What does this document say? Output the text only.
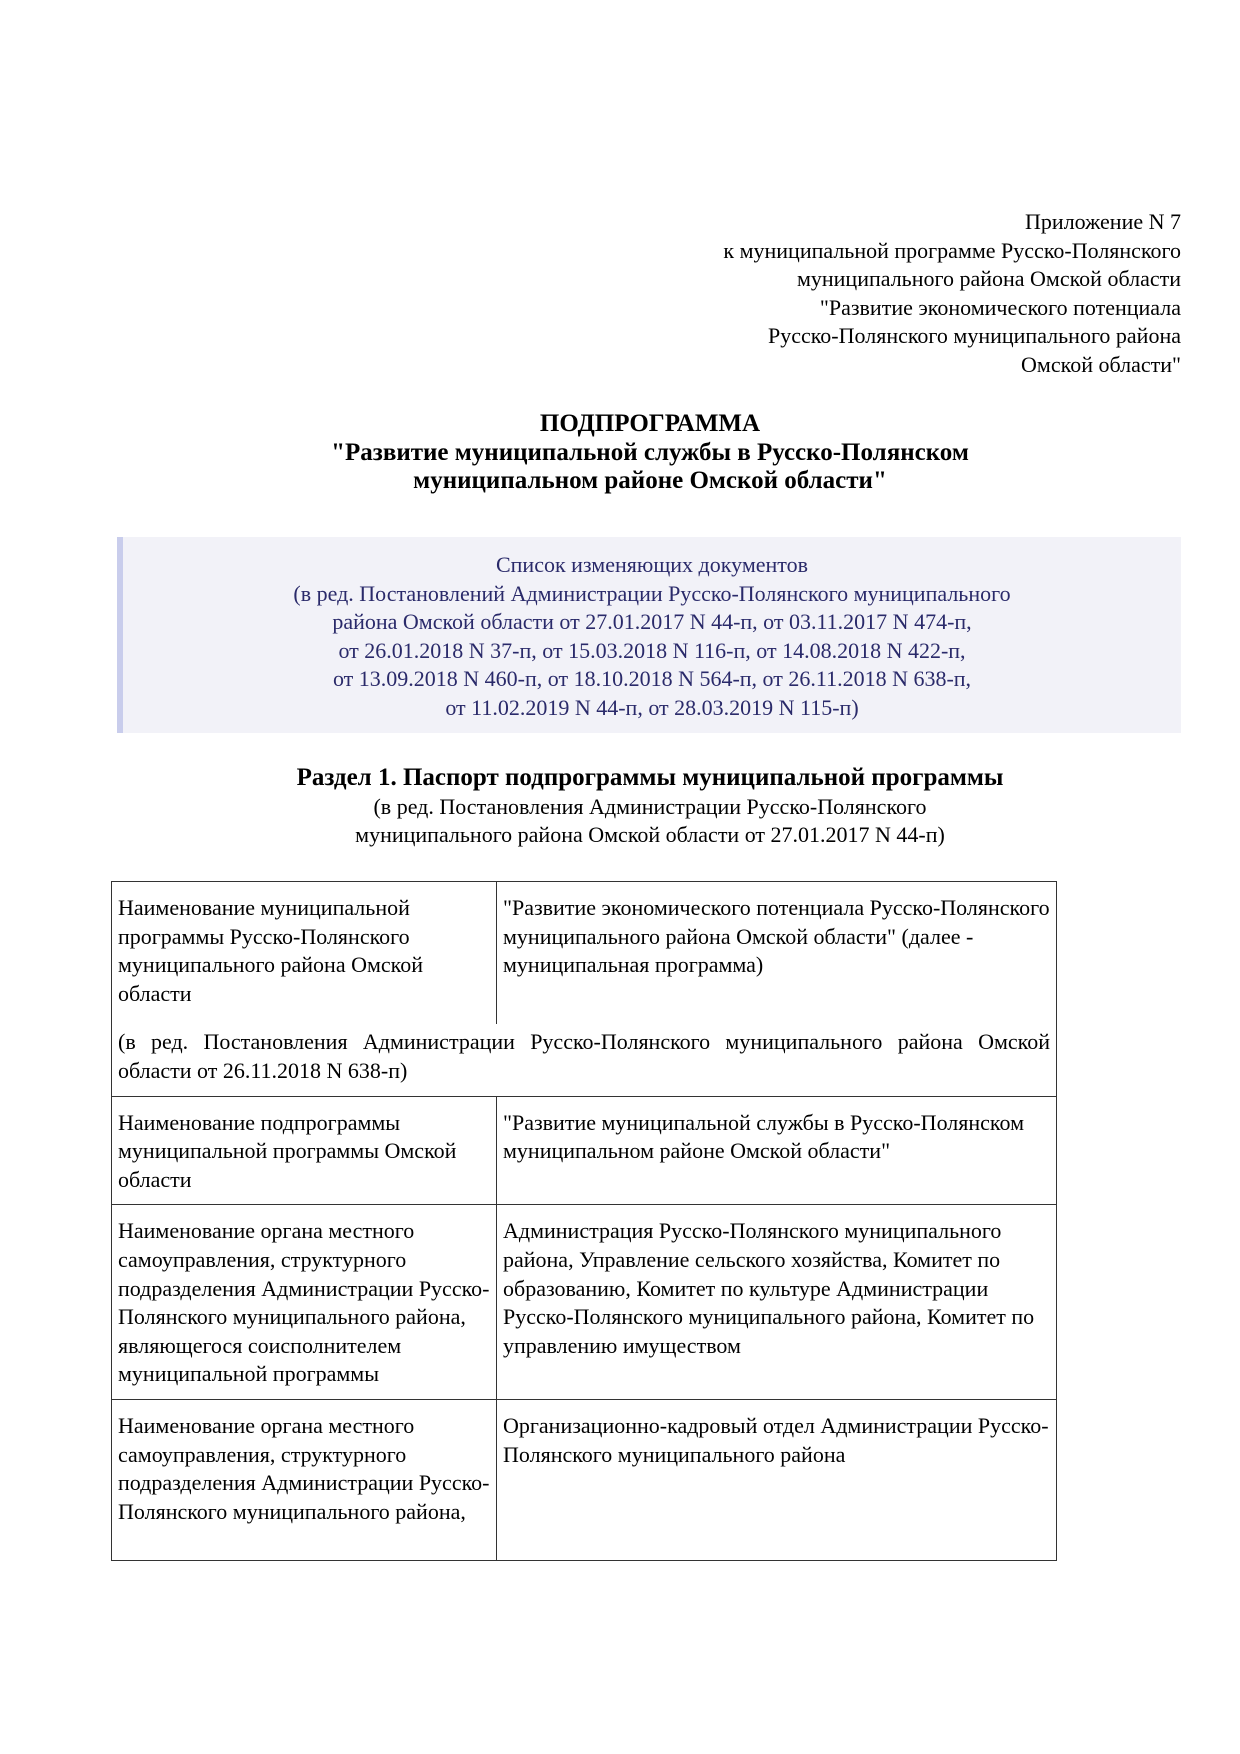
Приложение N 7
к муниципальной программе Русско-Полянского
муниципального района Омской области
"Развитие экономического потенциала
Русско-Полянского муниципального района
Омской области"
ПОДПРОГРАММА
"Развитие муниципальной службы в Русско-Полянском
муниципальном районе Омской области"
Список изменяющих документов
(в ред. Постановлений Администрации Русско-Полянского муниципального
района Омской области от 27.01.2017 N 44-п, от 03.11.2017 N 474-п,
от 26.01.2018 N 37-п, от 15.03.2018 N 116-п, от 14.08.2018 N 422-п,
от 13.09.2018 N 460-п, от 18.10.2018 N 564-п, от 26.11.2018 N 638-п,
от 11.02.2019 N 44-п, от 28.03.2019 N 115-п)
Раздел 1. Паспорт подпрограммы муниципальной программы
(в ред. Постановления Администрации Русско-Полянского
муниципального района Омской области от 27.01.2017 N 44-п)
Наименование муниципальной программы Русско-Полянского муниципального района Омской области	"Развитие экономического потенциала Русско-Полянского муниципального района Омской области" (далее - муниципальная программа)
(в ред. Постановления Администрации Русско-Полянского муниципального района Омской области от 26.11.2018 N 638-п)	
Наименование подпрограммы муниципальной программы Омской области	"Развитие муниципальной службы в Русско-Полянском муниципальном районе Омской области"
Наименование органа местного самоуправления, структурного подразделения Администрации Русско-Полянского муниципального района, являющегося соисполнителем муниципальной программы	Администрация Русско-Полянского муниципального района, Управление сельского хозяйства, Комитет по образованию, Комитет по культуре Администрации Русско-Полянского муниципального района, Комитет по управлению имуществом
Наименование органа местного самоуправления, структурного подразделения Администрации Русско-Полянского муниципального района,	Организационно-кадровый отдел Администрации Русско-Полянского муниципального района
